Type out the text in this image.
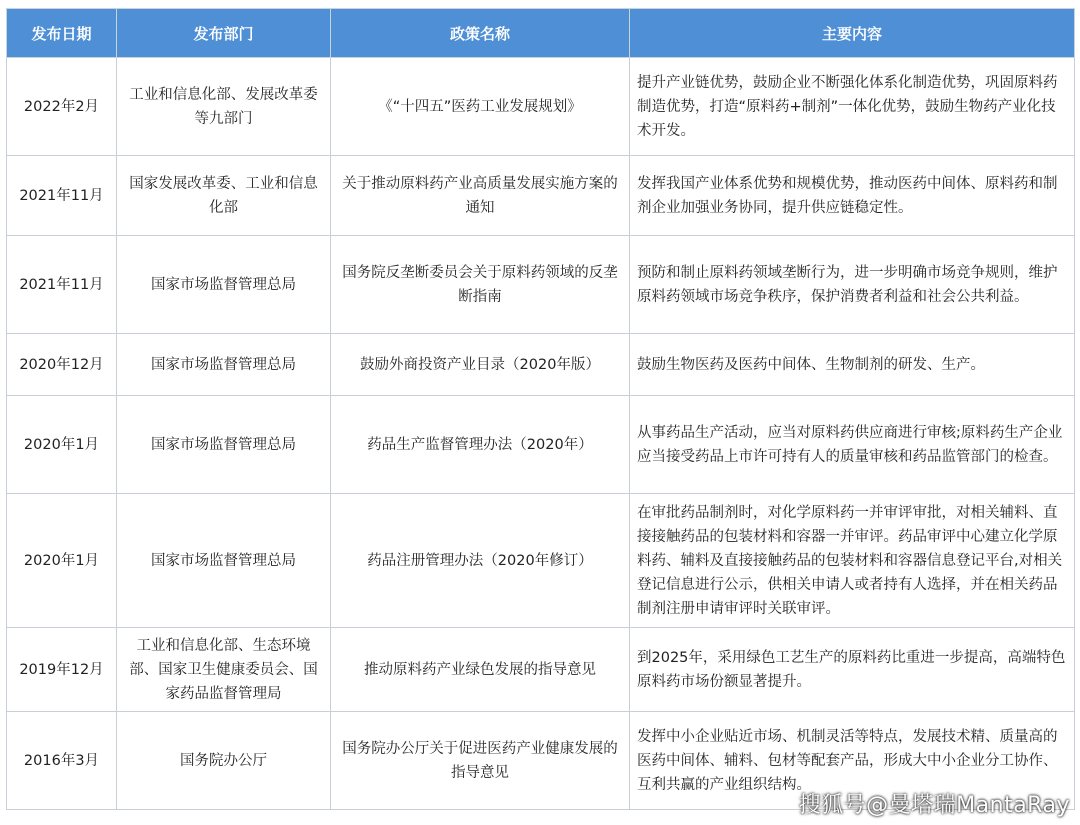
发布日期	发布部门	政策名称	主要内容
2022年2月	工业和信息化部、发展改革委等九部门	《“十四五”医药工业发展规划》	提升产业链优势，鼓励企业不断强化体系化制造优势，巩固原料药制造优势，打造“原料药+制剂”一体化优势，鼓励生物药产业化技术开发。
2021年11月	国家发展改革委、工业和信息化部	关于推动原料药产业高质量发展实施方案的通知	发挥我国产业体系优势和规模优势，推动医药中间体、原料药和制剂企业加强业务协同，提升供应链稳定性。
2021年11月	国家市场监督管理总局	国务院反垄断委员会关于原料药领域的反垄断指南	预防和制止原料药领域垄断行为，进一步明确市场竞争规则，维护原料药领域市场竞争秩序，保护消费者利益和社会公共利益。
2020年12月	国家市场监督管理总局	鼓励外商投资产业目录（2020年版）	鼓励生物医药及医药中间体、生物制剂的研发、生产。
2020年1月	国家市场监督管理总局	药品生产监督管理办法（2020年）	从事药品生产活动，应当对原料药供应商进行审核;原料药生产企业应当接受药品上市许可持有人的质量审核和药品监管部门的检查。
2020年1月	国家市场监督管理总局	药品注册管理办法（2020年修订）	在审批药品制剂时，对化学原料药一并审评审批，对相关辅料、直接接触药品的包装材料和容器一并审评。药品审评中心建立化学原料药、辅料及直接接触药品的包装材料和容器信息登记平台,对相关登记信息进行公示，供相关申请人或者持有人选择，并在相关药品制剂注册申请审评时关联审评。
2019年12月	工业和信息化部、生态环境部、国家卫生健康委员会、国家药品监督管理局	推动原料药产业绿色发展的指导意见	到2025年，采用绿色工艺生产的原料药比重进一步提高，高端特色原料药市场份额显著提升。
2016年3月	国务院办公厅	国务院办公厅关于促进医药产业健康发展的指导意见	发挥中小企业贴近市场、机制灵活等特点，发展技术精、质量高的医药中间体、辅料、包材等配套产品，形成大中小企业分工协作、互利共赢的产业组织结构。
搜狐号@曼塔瑞MantaRay
